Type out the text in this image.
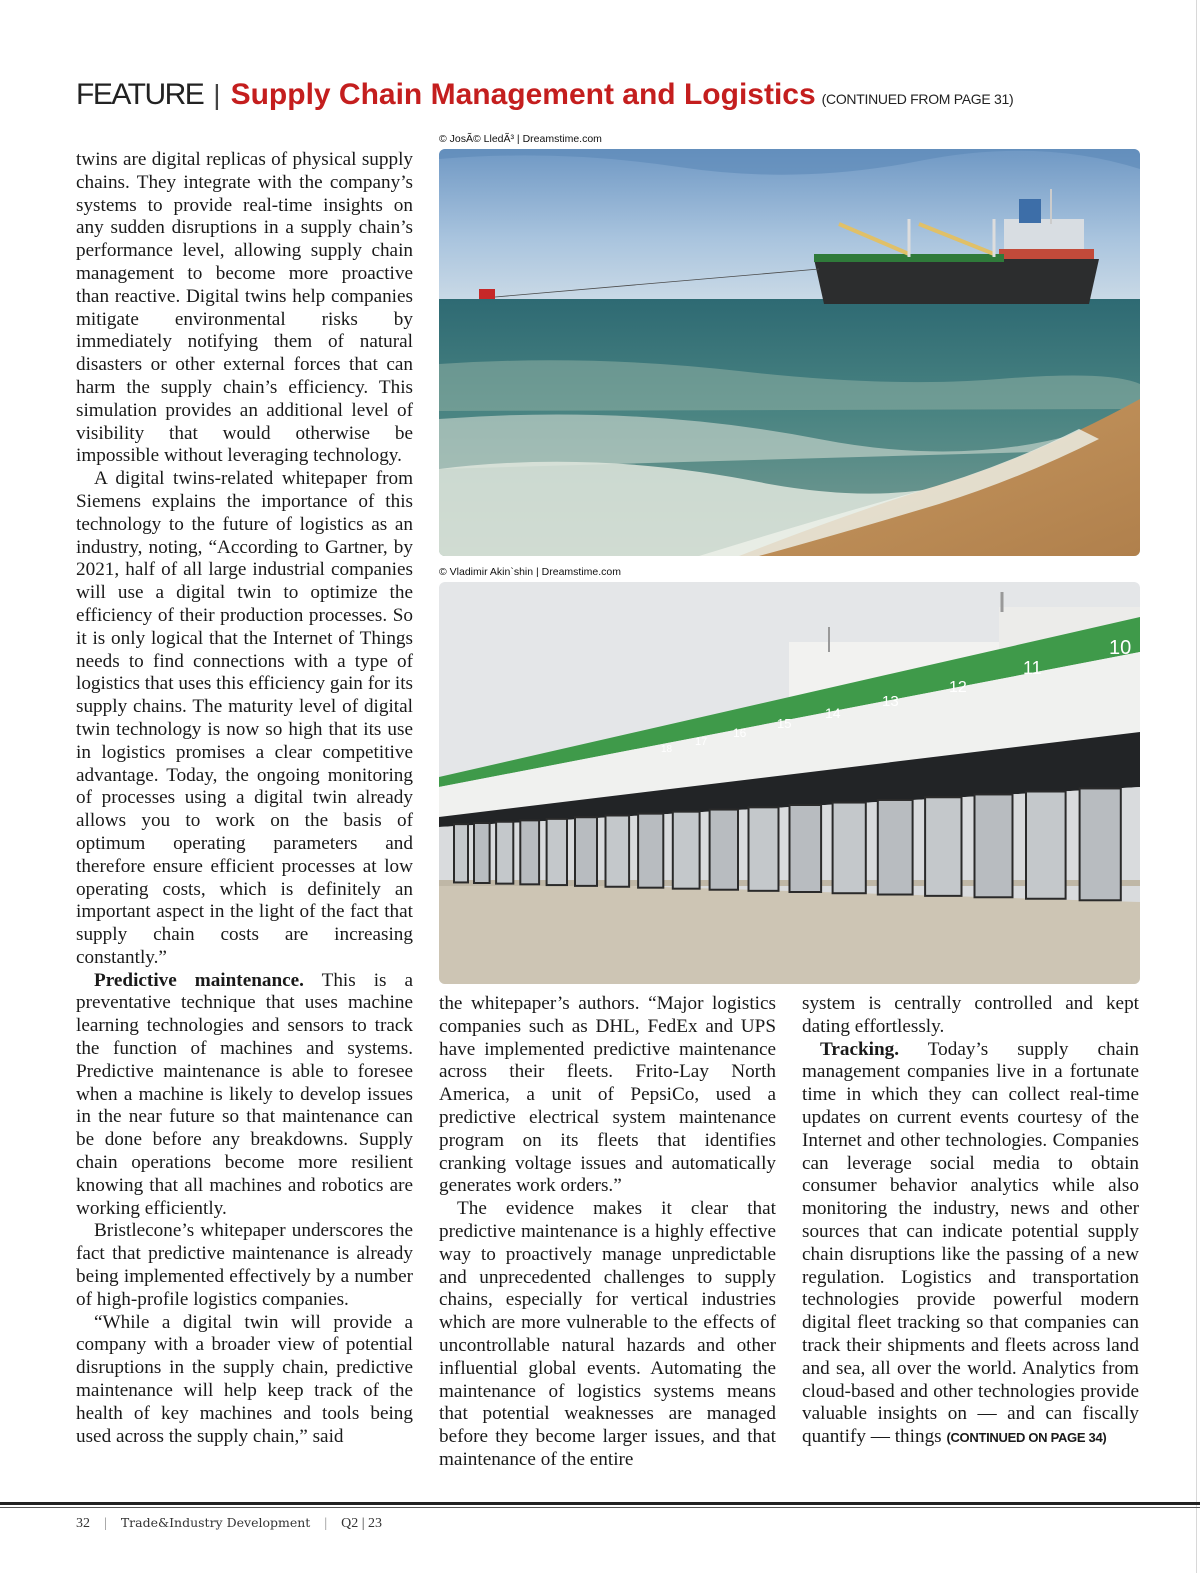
FEATURE | Supply Chain Management and Logistics (CONTINUED FROM PAGE 31)

twins are digital replicas of physical supply chains. They integrate with the company’s systems to provide real-time insights on any sudden disruptions in a supply chain’s performance level, allowing supply chain management to become more proactive than reactive. Digital twins help companies mitigate environmental risks by immediately notifying them of natural disasters or other external forces that can harm the supply chain’s efficiency. This simulation provides an additional level of visibility that would otherwise be impossible without leveraging technology.

A digital twins-related whitepaper from Siemens explains the importance of this technology to the future of logistics as an industry, noting, “According to Gartner, by 2021, half of all large industrial companies will use a digital twin to optimize the efficiency of their production processes. So it is only logical that the Internet of Things needs to find connections with a type of logistics that uses this efficiency gain for its supply chains. The maturity level of digital twin technology is now so high that its use in logistics promises a clear competitive advantage. Today, the ongoing monitoring of processes using a digital twin already allows you to work on the basis of optimum operating parameters and therefore ensure efficient processes at low operating costs, which is definitely an important aspect in the light of the fact that supply chain costs are increasing constantly.”

Predictive maintenance. This is a preventative technique that uses machine learning technologies and sensors to track the function of machines and systems. Predictive maintenance is able to foresee when a machine is likely to develop issues in the near future so that maintenance can be done before any breakdowns. Supply chain operations become more resilient knowing that all machines and robotics are working efficiently.

Bristlecone’s whitepaper underscores the fact that predictive maintenance is already being implemented effectively by a number of high-profile logistics companies.

“While a digital twin will provide a company with a broader view of potential disruptions in the supply chain, predictive maintenance will help keep track of the health of key machines and tools being used across the supply chain,” said

© JosÃ© LledÃ³ | Dreamstime.com
© Vladimir Akin`shin | Dreamstime.com
10
11
12
13
14
15
16
17
18

the whitepaper’s authors. “Major logistics companies such as DHL, FedEx and UPS have implemented predictive maintenance across their fleets. Frito-Lay North America, a unit of PepsiCo, used a predictive electrical system maintenance program on its fleets that identifies cranking voltage issues and automatically generates work orders.”

The evidence makes it clear that predictive maintenance is a highly effective way to proactively manage unpredictable and unprecedented challenges to supply chains, especially for vertical industries which are more vulnerable to the effects of uncontrollable natural hazards and other influential global events. Automating the maintenance of logistics systems means that potential weaknesses are managed before they become larger issues, and that maintenance of the entire

system is centrally controlled and kept dating effortlessly.

Tracking. Today’s supply chain management companies live in a fortunate time in which they can collect real-time updates on current events courtesy of the Internet and other technologies. Companies can leverage social media to obtain consumer behavior analytics while also monitoring the industry, news and other sources that can indicate potential supply chain disruptions like the passing of a new regulation. Logistics and transportation technologies provide powerful modern digital fleet tracking so that companies can track their shipments and fleets across land and sea, all over the world. Analytics from cloud-based and other technologies provide valuable insights on — and can fiscally quantify — things (CONTINUED ON PAGE 34)

32 | Trade&Industry Development | Q2 | 23
